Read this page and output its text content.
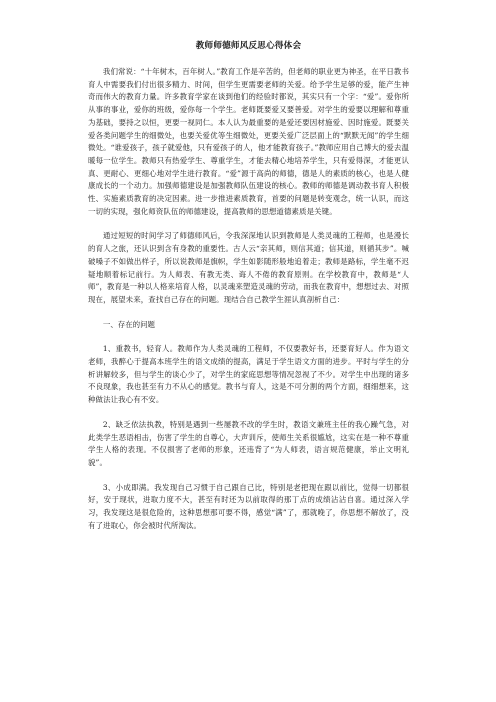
教师师德师风反思心得体会

我们常说：“十年树木，百年树人。”教育工作是辛苦的，但老师的职业更为神圣，在平日教书育人中需要我们付出很多精力、时间，但学生更需要老师的关爱。给予学生足够的爱，能产生神奇而伟大的教育力量。许多教育学家在谈到他们的经验时都说，其实只有一个字：“爱”。爱你所从事的事业，爱你的班级，爱你每一个学生。老师既要爱又要善爱。对学生的爱要以理解和尊重为基础，要持之以恒，更要一视同仁。本人认为最重要的是爱还要因材施爱、因时施爱。既要关爱各类问题学生的细微处，也要关爱优等生细微处，更要关爱广泛层面上的“默默无闻”的学生细微处。“谁爱孩子，孩子就爱他，只有爱孩子的人，他才能教育孩子。”教师应用自己博大的爱去温暖每一位学生。教师只有热爱学生、尊重学生，才能去精心地培养学生，只有爱得深，才能更认真、更耐心、更细心地对学生进行教育。“爱”源于高尚的师德，德是人的素质的核心，也是人健康成长的一个动力。加强师德建设是加强教师队伍建设的核心。教师的师德是调动教书育人积极性、实施素质教育的决定因素。进一步推进素质教育，首要的问题是转变观念，统一认识，而这一切的实现，强化师资队伍的师德建设，提高教师的思想道德素质是关键。

通过短短的时间学习了师德师风后，令我深深地认识到教师是人类灵魂的工程师，也是漫长的育人之旅，还认识到含有身教的重要性。古人云“亲其师，则信其道；信其道，则循其步”。喊破嗓子不如做出样子，所以说教师是旗帜，学生如影随形般地追着走；教师是路标，学生毫不迟疑地顺着标记前行。为人师表、有教无类、诲人不倦的教育原则。在学校教育中，教师是“人师”，教育是一种以人格来培育人格，以灵魂来塑造灵魂的劳动，而我在教育中，想想过去、对照现在，展望未来，查找自己存在的问题。现结合自己教学生涯认真剖析自己：

一、存在的问题

1、重教书，轻育人。教师作为人类灵魂的工程师，不仅要教好书，还要育好人。作为语文老师，我醉心于提高本班学生的语文成绩的提高，满足于学生语文方面的进步。平时与学生的分析讲解较多，但与学生的谈心少了，对学生的家庭思想等情况忽视了不少。对学生中出现的诸多不良现象，我也甚至有力不从心的感觉。教书与育人，这是不可分割的两个方面，细细想来，这种做法让我心有不安。

2、缺乏依法执教，特别是遇到一些屡教不改的学生时，教语文兼班主任的我心躁气急，对此类学生恶语相击，伤害了学生的自尊心，大声训斥，使师生关系很尴尬，这实在是一种不尊重学生人格的表现。不仅损害了老师的形象，还违背了“为人师表，语言规范健康，举止文明礼貌”。

3、小成即满。我发现自己习惯于自己跟自己比，特别是老把现在跟以前比，觉得一切都很好，安于现状，进取力度不大，甚至有时还为以前取得的那丁点的成绩沾沾自喜。通过深入学习，我发现这是很危险的，这种思想那可要不得，感觉“满”了，那就晚了，你思想不解放了，没有了进取心，你会被时代所淘汰。
